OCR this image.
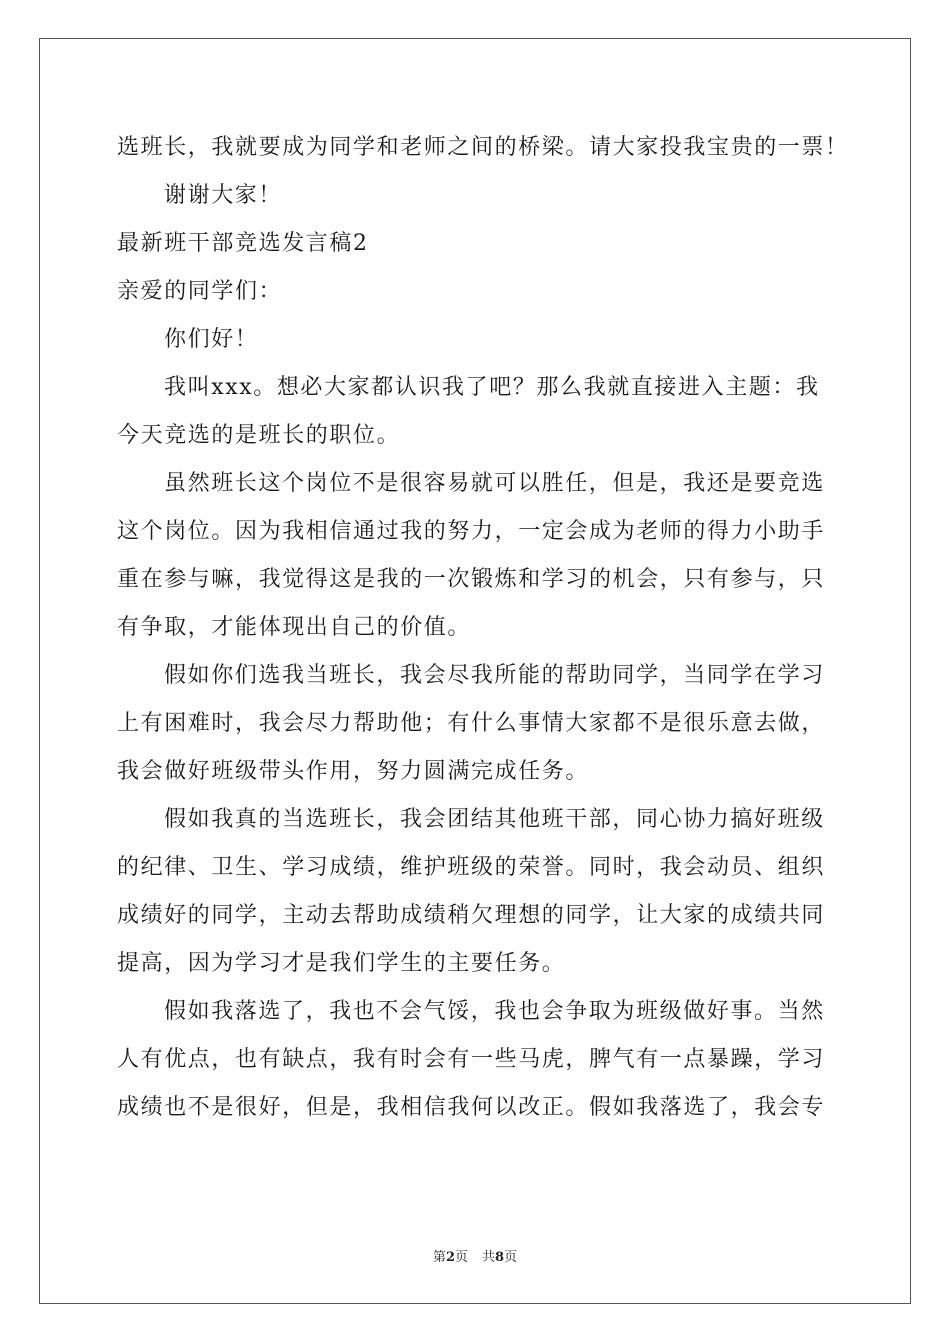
选班长，我就要成为同学和老师之间的桥梁。请大家投我宝贵的一票！
谢谢大家！
最新班干部竞选发言稿2
亲爱的同学们：
你们好！
我叫xxx。想必大家都认识我了吧？那么我就直接进入主题：我
今天竞选的是班长的职位。
虽然班长这个岗位不是很容易就可以胜任，但是，我还是要竞选
这个岗位。因为我相信通过我的努力，一定会成为老师的得力小助手
重在参与嘛，我觉得这是我的一次锻炼和学习的机会，只有参与，只
有争取，才能体现出自己的价值。
假如你们选我当班长，我会尽我所能的帮助同学，当同学在学习
上有困难时，我会尽力帮助他；有什么事情大家都不是很乐意去做，
我会做好班级带头作用，努力圆满完成任务。
假如我真的当选班长，我会团结其他班干部，同心协力搞好班级
的纪律、卫生、学习成绩，维护班级的荣誉。同时，我会动员、组织
成绩好的同学，主动去帮助成绩稍欠理想的同学，让大家的成绩共同
提高，因为学习才是我们学生的主要任务。
假如我落选了，我也不会气馁，我也会争取为班级做好事。当然
人有优点，也有缺点，我有时会有一些马虎，脾气有一点暴躁，学习
成绩也不是很好，但是，我相信我何以改正。假如我落选了，我会专
第2页 共8页
